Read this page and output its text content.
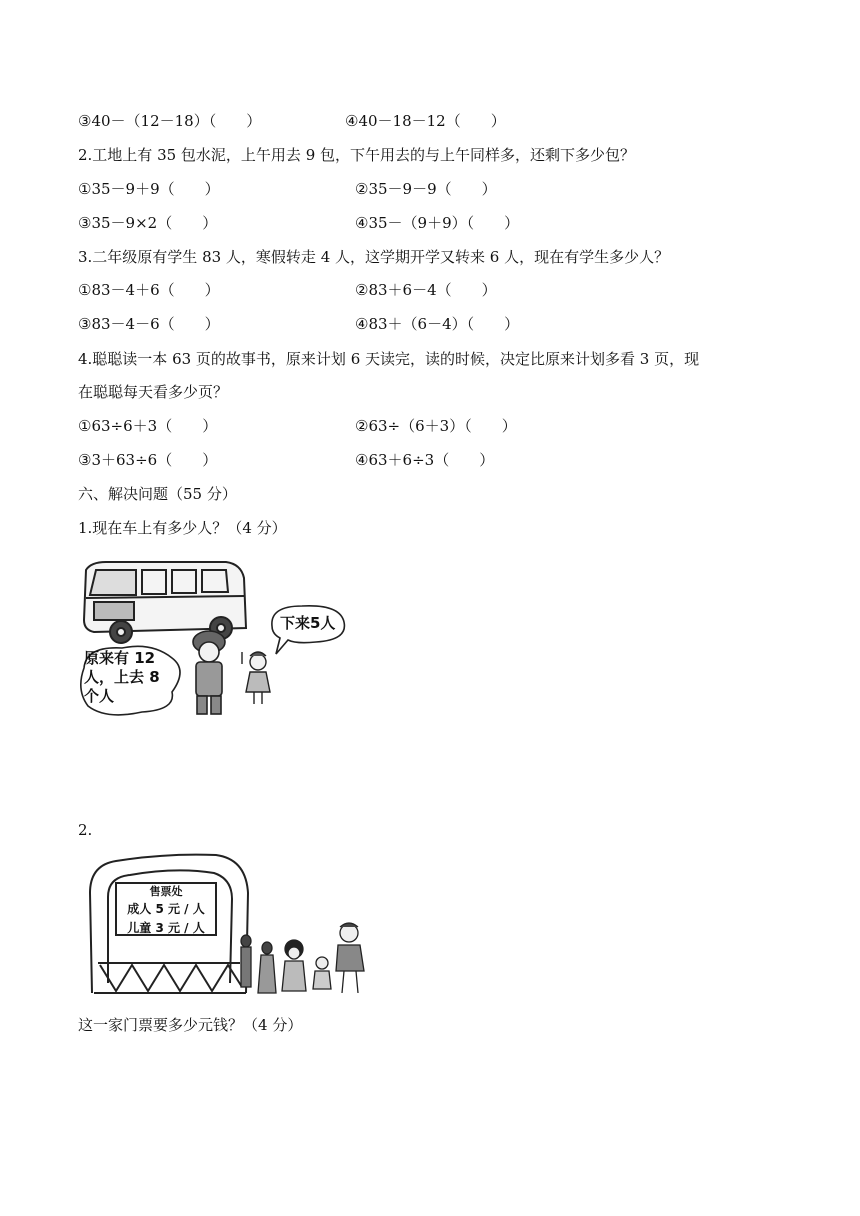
③40－（12－18）（　　）	④40－18－12（　　）
2.工地上有 35 包水泥，上午用去 9 包，下午用去的与上午同样多，还剩下多少包？
①35－9＋9（　　）	②35－9－9（　　）
③35－9×2（　　）	④35－（9＋9）（　　）
3.二年级原有学生 83 人，寒假转走 4 人，这学期开学又转来 6 人，现在有学生多少人？
①83－4＋6（　　）	②83＋6－4（　　）
③83－4－6（　　）	④83＋（6－4）（　　）
4.聪聪读一本 63 页的故事书，原来计划 6 天读完，读的时候，决定比原来计划多看 3 页，现
在聪聪每天看多少页？
①63÷6＋3（　　）	②63÷（6＋3）（　　）
③3＋63÷6（　　）	④63＋6÷3（　　）
六、解决问题（55 分）
1.现在车上有多少人？（4 分）
原来有 12
人，上去 8
个人
下来5人
2.
售票处
成人 5 元 / 人
儿童 3 元 / 人
这一家门票要多少元钱？（4 分）
